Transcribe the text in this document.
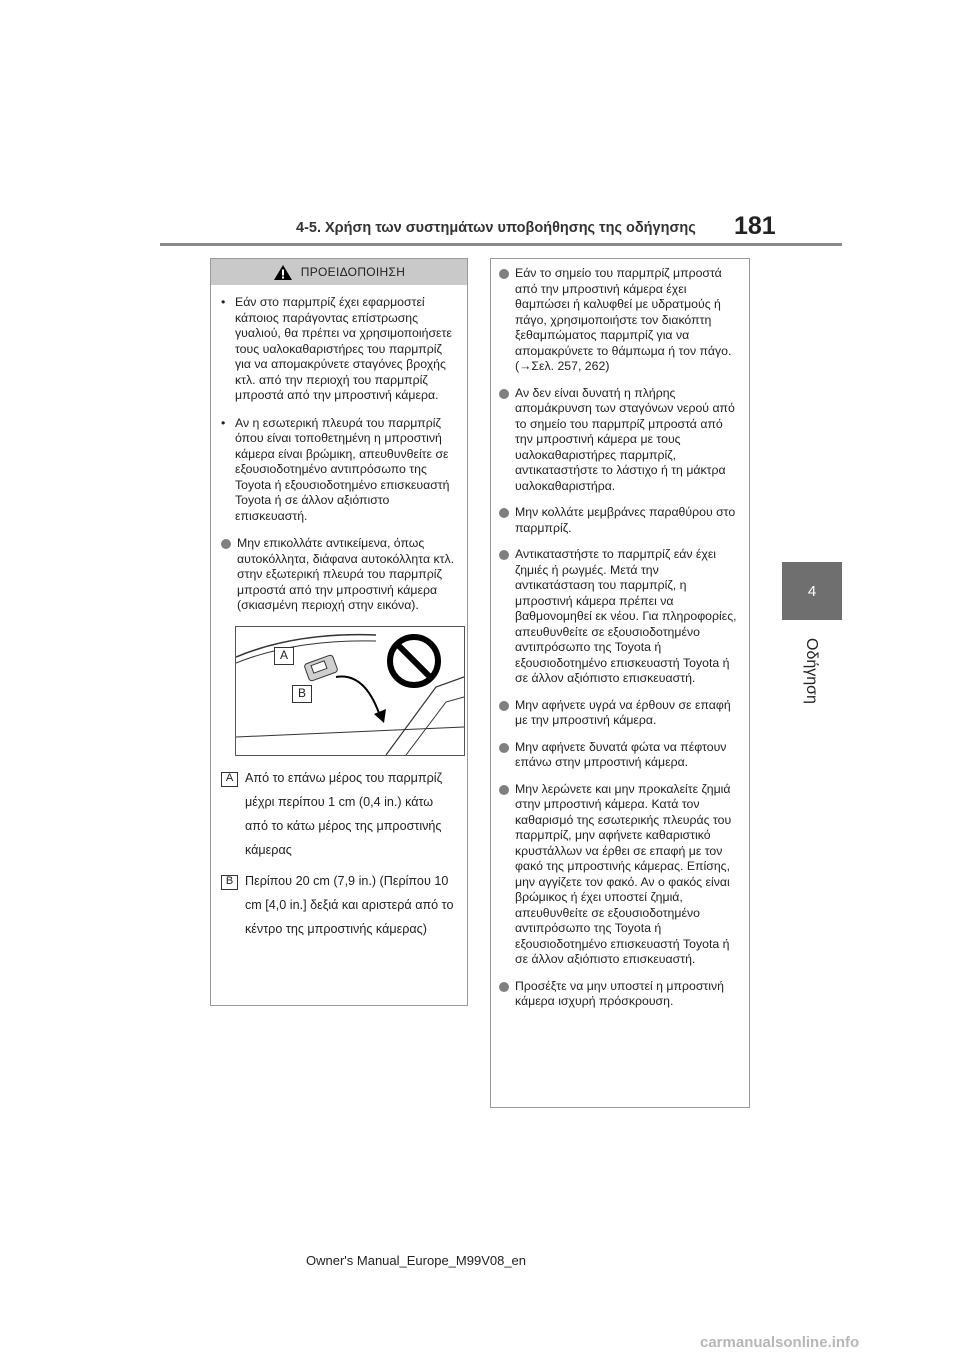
4-5. Χρήση των συστημάτων υποβοήθησης της οδήγησης 181
4
Οδήγηση
ΠΡΟΕΙΔΟΠΟΙΗΣΗ
• Εάν στο παρμπρίζ έχει εφαρμοστεί κάποιος παράγοντας επίστρωσης γυαλιού, θα πρέπει να χρησιμοποιήσετε τους υαλοκαθαριστήρες του παρμπρίζ για να απομακρύνετε σταγόνες βροχής κτλ. από την περιοχή του παρμπρίζ μπροστά από την μπροστινή κάμερα.
• Αν η εσωτερική πλευρά του παρμπρίζ όπου είναι τοποθετημένη η μπροστινή κάμερα είναι βρώμικη, απευθυνθείτε σε εξουσιοδοτημένο αντιπρόσωπο της Toyota ή εξουσιοδοτημένο επισκευαστή Toyota ή σε άλλον αξιόπιστο επισκευαστή.
Μην επικολλάτε αντικείμενα, όπως αυτοκόλλητα, διάφανα αυτοκόλλητα κτλ. στην εξωτερική πλευρά του παρμπρίζ μπροστά από την μπροστινή κάμερα (σκιασμένη περιοχή στην εικόνα).
A
B
A Από το επάνω μέρος του παρμπρίζ μέχρι περίπου 1 cm (0,4 in.) κάτω από το κάτω μέρος της μπροστινής κάμερας
B Περίπου 20 cm (7,9 in.) (Περίπου 10 cm [4,0 in.] δεξιά και αριστερά από το κέντρο της μπροστινής κάμερας)
Εάν το σημείο του παρμπρίζ μπροστά από την μπροστινή κάμερα έχει θαμπώσει ή καλυφθεί με υδρατμούς ή πάγο, χρησιμοποιήστε τον διακόπτη ξεθαμπώματος παρμπρίζ για να απομακρύνετε το θάμπωμα ή τον πάγο. (→Σελ. 257, 262)
Αν δεν είναι δυνατή η πλήρης απομάκρυνση των σταγόνων νερού από το σημείο του παρμπρίζ μπροστά από την μπροστινή κάμερα με τους υαλοκαθαριστήρες παρμπρίζ, αντικαταστήστε το λάστιχο ή τη μάκτρα υαλοκαθαριστήρα.
Μην κολλάτε μεμβράνες παραθύρου στο παρμπρίζ.
Αντικαταστήστε το παρμπρίζ εάν έχει ζημιές ή ρωγμές. Μετά την αντικατάσταση του παρμπρίζ, η μπροστινή κάμερα πρέπει να βαθμονομηθεί εκ νέου. Για πληροφορίες, απευθυνθείτε σε εξουσιοδοτημένο αντιπρόσωπο της Toyota ή εξουσιοδοτημένο επισκευαστή Toyota ή σε άλλον αξιόπιστο επισκευαστή.
Μην αφήνετε υγρά να έρθουν σε επαφή με την μπροστινή κάμερα.
Μην αφήνετε δυνατά φώτα να πέφτουν επάνω στην μπροστινή κάμερα.
Μην λερώνετε και μην προκαλείτε ζημιά στην μπροστινή κάμερα. Κατά τον καθαρισμό της εσωτερικής πλευράς του παρμπρίζ, μην αφήνετε καθαριστικό κρυστάλλων να έρθει σε επαφή με τον φακό της μπροστινής κάμερας. Επίσης, μην αγγίζετε τον φακό. Αν ο φακός είναι βρώμικος ή έχει υποστεί ζημιά, απευθυνθείτε σε εξουσιοδοτημένο αντιπρόσωπο της Toyota ή εξουσιοδοτημένο επισκευαστή Toyota ή σε άλλον αξιόπιστο επισκευαστή.
Προσέξτε να μην υποστεί η μπροστινή κάμερα ισχυρή πρόσκρουση.
Owner's Manual_Europe_M99V08_en
carmanualsonline.info
